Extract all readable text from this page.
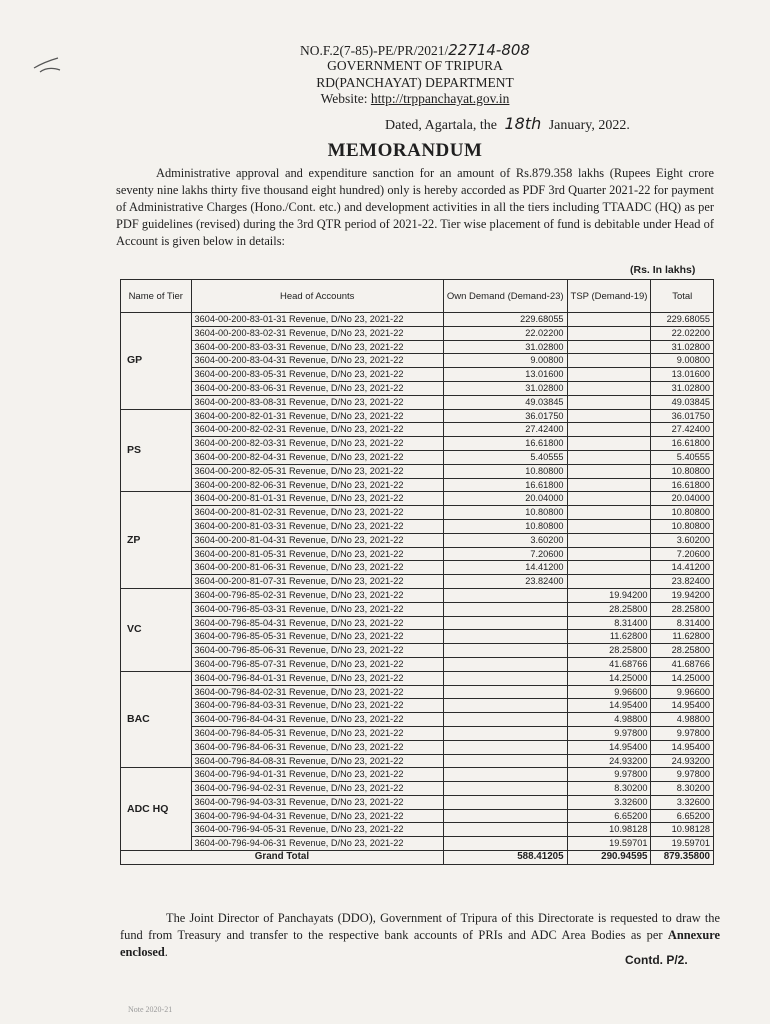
NO.F.2(7-85)-PE/PR/2021/22714-808
GOVERNMENT OF TRIPURA
RD(PANCHAYAT) DEPARTMENT
Website: http://trppanchayat.gov.in
Dated, Agartala, the 18th January, 2022.
MEMORANDUM
Administrative approval and expenditure sanction for an amount of Rs.879.358 lakhs (Rupees Eight crore seventy nine lakhs thirty five thousand eight hundred) only is hereby accorded as PDF 3rd Quarter 2021-22 for payment of Administrative Charges (Hono./Cont. etc.) and development activities in all the tiers including TTAADC (HQ) as per PDF guidelines (revised) during the 3rd QTR period of 2021-22. Tier wise placement of fund is debitable under Head of Account is given below in details:
(Rs. In lakhs)
Name of Tier	Head of Accounts	Own Demand (Demand-23)	TSP (Demand-19)	Total
GP	3604-00-200-83-01-31 Revenue, D/No 23, 2021-22	229.68055		229.68055
	3604-00-200-83-02-31 Revenue, D/No 23, 2021-22	22.02200		22.02200
	3604-00-200-83-03-31 Revenue, D/No 23, 2021-22	31.02800		31.02800
	3604-00-200-83-04-31 Revenue, D/No 23, 2021-22	9.00800		9.00800
	3604-00-200-83-05-31 Revenue, D/No 23, 2021-22	13.01600		13.01600
	3604-00-200-83-06-31 Revenue, D/No 23, 2021-22	31.02800		31.02800
	3604-00-200-83-08-31 Revenue, D/No 23, 2021-22	49.03845		49.03845
PS	3604-00-200-82-01-31 Revenue, D/No 23, 2021-22	36.01750		36.01750
	3604-00-200-82-02-31 Revenue, D/No 23, 2021-22	27.42400		27.42400
	3604-00-200-82-03-31 Revenue, D/No 23, 2021-22	16.61800		16.61800
	3604-00-200-82-04-31 Revenue, D/No 23, 2021-22	5.40555		5.40555
	3604-00-200-82-05-31 Revenue, D/No 23, 2021-22	10.80800		10.80800
	3604-00-200-82-06-31 Revenue, D/No 23, 2021-22	16.61800		16.61800
ZP	3604-00-200-81-01-31 Revenue, D/No 23, 2021-22	20.04000		20.04000
	3604-00-200-81-02-31 Revenue, D/No 23, 2021-22	10.80800		10.80800
	3604-00-200-81-03-31 Revenue, D/No 23, 2021-22	10.80800		10.80800
	3604-00-200-81-04-31 Revenue, D/No 23, 2021-22	3.60200		3.60200
	3604-00-200-81-05-31 Revenue, D/No 23, 2021-22	7.20600		7.20600
	3604-00-200-81-06-31 Revenue, D/No 23, 2021-22	14.41200		14.41200
	3604-00-200-81-07-31 Revenue, D/No 23, 2021-22	23.82400		23.82400
VC	3604-00-796-85-02-31 Revenue, D/No 23, 2021-22		19.94200	19.94200
	3604-00-796-85-03-31 Revenue, D/No 23, 2021-22		28.25800	28.25800
	3604-00-796-85-04-31 Revenue, D/No 23, 2021-22		8.31400	8.31400
	3604-00-796-85-05-31 Revenue, D/No 23, 2021-22		11.62800	11.62800
	3604-00-796-85-06-31 Revenue, D/No 23, 2021-22		28.25800	28.25800
	3604-00-796-85-07-31 Revenue, D/No 23, 2021-22		41.68766	41.68766
BAC	3604-00-796-84-01-31 Revenue, D/No 23, 2021-22		14.25000	14.25000
	3604-00-796-84-02-31 Revenue, D/No 23, 2021-22		9.96600	9.96600
	3604-00-796-84-03-31 Revenue, D/No 23, 2021-22		14.95400	14.95400
	3604-00-796-84-04-31 Revenue, D/No 23, 2021-22		4.98800	4.98800
	3604-00-796-84-05-31 Revenue, D/No 23, 2021-22		9.97800	9.97800
	3604-00-796-84-06-31 Revenue, D/No 23, 2021-22		14.95400	14.95400
	3604-00-796-84-08-31 Revenue, D/No 23, 2021-22		24.93200	24.93200
ADC HQ	3604-00-796-94-01-31 Revenue, D/No 23, 2021-22		9.97800	9.97800
	3604-00-796-94-02-31 Revenue, D/No 23, 2021-22		8.30200	8.30200
	3604-00-796-94-03-31 Revenue, D/No 23, 2021-22		3.32600	3.32600
	3604-00-796-94-04-31 Revenue, D/No 23, 2021-22		6.65200	6.65200
	3604-00-796-94-05-31 Revenue, D/No 23, 2021-22		10.98128	10.98128
	3604-00-796-94-06-31 Revenue, D/No 23, 2021-22		19.59701	19.59701
Grand Total		588.41205	290.94595	879.35800
The Joint Director of Panchayats (DDO), Government of Tripura of this Directorate is requested to draw the fund from Treasury and transfer to the respective bank accounts of PRIs and ADC Area Bodies as per Annexure enclosed.
Contd. P/2.
Note 2020-21
